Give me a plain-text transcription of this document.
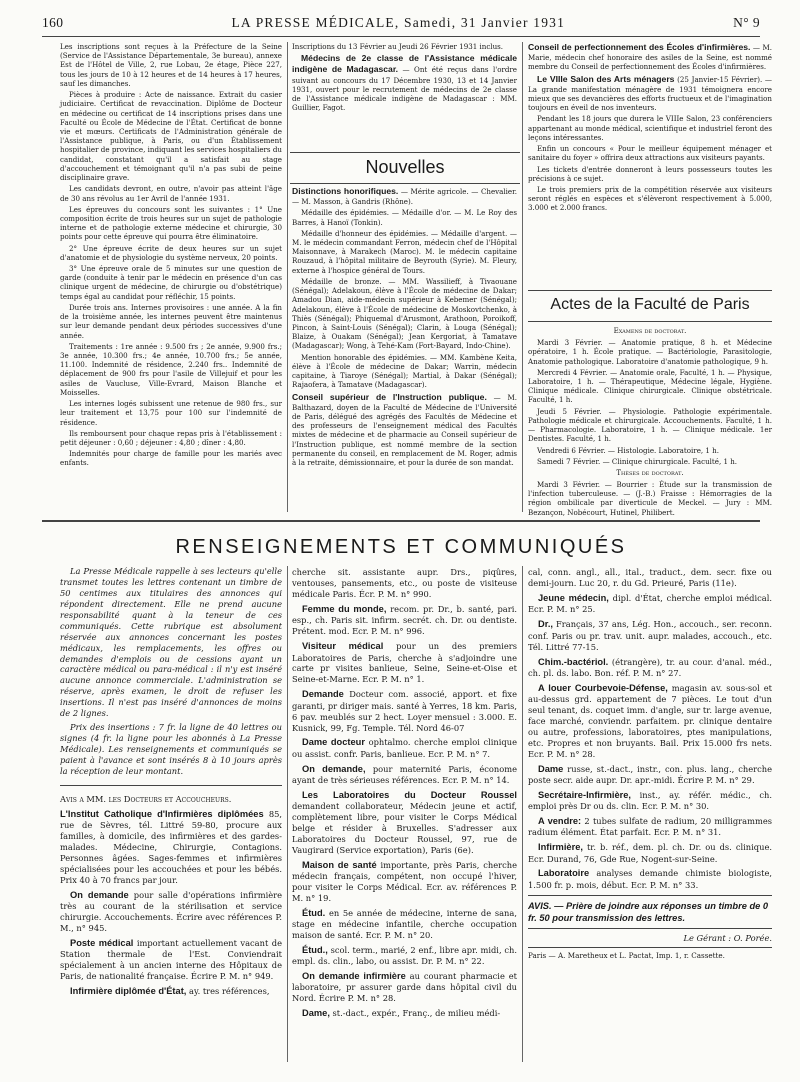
160	LA PRESSE MÉDICALE, Samedi, 31 Janvier 1931	N° 9

Les inscriptions sont reçues à la Préfecture de la Seine (Service de l'Assistance Départementale, 3e bureau), annexe Est de l'Hôtel de Ville, 2, rue Lobau, 2e étage, Pièce 227, tous les jours de 10 à 12 heures et de 14 heures à 17 heures, sauf les dimanches.

Pièces à produire : Acte de naissance. Extrait du casier judiciaire. Certificat de revaccination. Diplôme de Docteur en médecine ou certificat de 14 inscriptions prises dans une Faculté ou École de Médecine de l'État. Certificat de bonne vie et mœurs. Certificats de l'Administration générale de l'Assistance publique, à Paris, ou d'un Établissement hospitalier de province, indiquant les services hospitaliers du candidat, constatant qu'il a satisfait au stage d'accouchement et témoignant qu'il n'a pas subi de peine disciplinaire grave.

Les candidats devront, en outre, n'avoir pas atteint l'âge de 30 ans révolus au 1er Avril de l'année 1931.

Les épreuves du concours sont les suivantes : 1° Une composition écrite de trois heures sur un sujet de pathologie interne et de pathologie externe médecine et chirurgie, 30 points pour cette épreuve qui pourra être éliminatoire.

2° Une épreuve écrite de deux heures sur un sujet d'anatomie et de physiologie du système nerveux, 20 points.

3° Une épreuve orale de 5 minutes sur une question de garde (conduite à tenir par le médecin en présence d'un cas clinique urgent de médecine, de chirurgie ou d'obstétrique) temps égal au candidat pour réfléchir, 15 points.

Durée trois ans. Internes provisoires : une année. A la fin de la troisième année, les internes peuvent être maintenus sur leur demande pendant deux périodes successives d'une année.

Traitements : 1re année : 9.500 frs ; 2e année, 9.900 frs.; 3e année, 10.300 frs.; 4e année, 10.700 frs.; 5e année, 11.100. Indemnité de résidence, 2.240 frs.. Indemnité de déplacement de 900 frs pour l'asile de Villejuif et pour les asiles de Vaucluse, Ville-Evrard, Maison Blanche et Moisselles.

Les internes logés subissent une retenue de 980 frs., sur leur traitement et 13,75 pour 100 sur l'indemnité de résidence.

Ils remboursent pour chaque repas pris à l'établissement : petit déjeuner : 0,60 ; déjeuner : 4,80 ; dîner : 4,80.

Indemnités pour charge de famille pour les mariés avec enfants.

Inscriptions du 13 Février au Jeudi 26 Février 1931 inclus.

Médecins de 2e classe de l'Assistance médicale indigène de Madagascar. — Ont été reçus dans l'ordre suivant au concours du 17 Décembre 1930, 13 et 14 Janvier 1931, ouvert pour le recrutement de médecins de 2e classe de l'Assistance médicale indigène de Madagascar : MM. Guillier, Fagot.

Nouvelles

Distinctions honorifiques. — Mérite agricole. — Chevalier. — M. Masson, à Gandris (Rhône).

Médaille des épidémies. — Médaille d'or. — M. Le Roy des Barres, à Hanoï (Tonkin).

Médaille d'honneur des épidémies. — Médaille d'argent. — M. le médecin commandant Ferron, médecin chef de l'Hôpital Maisonnave, à Marakech (Maroc). M. le médecin capitaine Rouzaud, à l'hôpital militaire de Beyrouth (Syrie). M. Fleury, externe à l'hospice général de Tours.

Médaille de bronze. — MM. Wassilieff, à Tivaouane (Sénégal); Adelakoun, élève à l'École de médecine de Dakar; Amadou Dian, aide-médecin supérieur à Kebemer (Sénégal); Adelakoun, élève à l'École de médecine de Moskovtchenko, à Thiès (Sénégal); Phiquemal d'Arusmont, Arathoon, Poroikoff, Pincon, à Saint-Louis (Sénégal); Clarin, à Louga (Sénégal); Blaize, à Ouakam (Sénégal); Jean Kergoriat, à Tamatave (Madagascar); Wong, à Tehé-Kam (Fort-Bayard, Indo-Chine).

Mention honorable des épidémies. — MM. Kambène Keita, élève à l'École de médecine de Dakar; Warrin, médecin capitaine, à Tiaroye (Sénégal); Martial, à Dakar (Sénégal); Rajaofera, à Tamatave (Madagascar).

Conseil supérieur de l'Instruction publique. — M. Balthazard, doyen de la Faculté de Médecine de l'Université de Paris, délégué des agrégés des Facultés de Médecine et des professeurs de l'enseignement médical des Facultés mixtes de médecine et de pharmacie au Conseil supérieur de l'Instruction publique, est nommé membre de la section permanente du conseil, en remplacement de M. Roger, admis à la retraite, démissionnaire, et pour la durée de son mandat.

Conseil de perfectionnement des Écoles d'infirmières. — M. Marie, médecin chef honoraire des asiles de la Seine, est nommé membre du Conseil de perfectionnement des Écoles d'infirmières.

Le VIIIe Salon des Arts ménagers (25 Janvier-15 Février). — La grande manifestation ménagère de 1931 témoignera encore mieux que ses devancières des efforts fructueux et de l'imagination toujours en éveil de nos inventeurs.

Pendant les 18 jours que durera le VIIIe Salon, 23 conférenciers appartenant au monde médical, scientifique et industriel feront des leçons intéressantes.

Enfin un concours « Pour le meilleur équipement ménager et sanitaire du foyer » offrira deux attractions aux visiteurs payants.

Les tickets d'entrée donneront à leurs possesseurs toutes les précisions à ce sujet.

Le trois premiers prix de la compétition réservée aux visiteurs seront réglés en espèces et s'élèveront respectivement à 5.000, 3.000 et 2.000 francs.

Actes de la Faculté de Paris

Examens de doctorat.

Mardi 3 Février. — Anatomie pratique, 8 h. et Médecine opératoire, 1 h. École pratique. — Bactériologie, Parasitologie, Anatomie pathologique. Laboratoire d'anatomie pathologique, 9 h.

Mercredi 4 Février. — Anatomie orale, Faculté, 1 h. — Physique, Laboratoire, 1 h. — Thérapeutique, Médecine légale, Hygiène. Clinique médicale. Clinique chirurgicale. Clinique obstétricale. Faculté, 1 h.

Jeudi 5 Février. — Physiologie. Pathologie expérimentale. Pathologie médicale et chirurgicale. Accouchements. Faculté, 1 h. — Pharmacologie. Laboratoire, 1 h. — Clinique médicale. 1er Dentistes. Faculté, 1 h.

Vendredi 6 Février. — Histologie. Laboratoire, 1 h.

Samedi 7 Février. — Clinique chirurgicale. Faculté, 1 h.

Thèses de doctorat.

Mardi 3 Février. — Bourrier : Étude sur la transmission de l'infection tuberculeuse. — (J.-B.) Fraisse : Hémorragies de la région ombilicale par diverticule de Meckel. — Jury : MM. Bezançon, Nobécourt, Hutinel, Philibert.

RENSEIGNEMENTS ET COMMUNIQUÉS

La Presse Médicale rappelle à ses lecteurs qu'elle transmet toutes les lettres contenant un timbre de 50 centimes aux titulaires des annonces qui répondent directement. Elle ne prend aucune responsabilité quant à la teneur de ces communiqués. Cette rubrique est absolument réservée aux annonces concernant les postes médicaux, les remplacements, les offres ou demandes d'emplois ou de cessions ayant un caractère médical ou para-médical : il n'y est inséré aucune annonce commerciale. L'administration se réserve, après examen, le droit de refuser les insertions. Il n'est pas inséré d'annonces de moins de 2 lignes.

Prix des insertions : 7 fr. la ligne de 40 lettres ou signes (4 fr. la ligne pour les abonnés à La Presse Médicale). Les renseignements et communiqués se paient à l'avance et sont insérés 8 à 10 jours après la réception de leur montant.

Avis a MM. les Docteurs et Accoucheurs.

L'Institut Catholique d'Infirmières diplômées 85, rue de Sèvres, tél. Littré 59-80, procure aux familles, à domicile, des infirmières et des gardes-malades. Médecine, Chirurgie, Contagions. Personnes âgées. Sages-femmes et infirmières spécialisées pour les accouchées et pour les bébés. Prix 40 à 70 francs par jour.

On demande pour salle d'opérations infirmière très au courant de la stérilisation et service chirurgie. Accouchements. Écrire avec références P. M., n° 945.

Poste médical important actuellement vacant de Station thermale de l'Est. Conviendrait spécialement à un ancien interne des Hôpitaux de Paris, de nationalité française. Écrire P. M. n° 949.

Infirmière diplômée d'État, ay. tres références,

cherche sit. assistante aupr. Drs., piqûres, ventouses, pansements, etc., ou poste de visiteuse médicale Paris. Écr. P. M. n° 990.

Femme du monde, recom. pr. Dr., b. santé, pari. esp., ch. Paris sit. infirm. secrét. ch. Dr. ou dentiste. Prétent. mod. Ecr. P. M. n° 996.

Visiteur médical pour un des premiers Laboratoires de Paris, cherche à s'adjoindre une carte pr visites banlieue, Seine, Seine-et-Oise et Seine-et-Marne. Ecr. P. M. n° 1.

Demande Docteur com. associé, apport. et fixe garanti, pr diriger mais. santé à Yerres, 18 km. Paris, 6 pav. meublés sur 2 hect. Loyer mensuel : 3.000. E. Kusnick, 99, Fg. Temple. Tél. Nord 46-07

Dame docteur ophtalmo. cherche emploi clinique ou assist. confr. Paris, banlieue. Ecr. P. M. n° 7.

On demande, pour maternité Paris, économe ayant de très sérieuses références. Ecr. P. M. n° 14.

Les Laboratoires du Docteur Roussel demandent collaborateur, Médecin jeune et actif, complètement libre, pour visiter le Corps Médical belge et résider à Bruxelles. S'adresser aux Laboratoires du Docteur Roussel, 97, rue de Vaugirard (Service exportation), Paris (6e).

Maison de santé importante, près Paris, cherche médecin français, compétent, non occupé l'hiver, pour visiter le Corps Médical. Ecr. av. références P. M. n° 19.

Étud. en 5e année de médecine, interne de sana, stage en médecine infantile, cherche occupation maison de santé. Ecr. P. M. n° 20.

Étud., scol. term., marié, 2 enf., libre apr. midi, ch. empl. ds. clin., labo, ou assist. Dr. P. M. n° 22.

On demande infirmière au courant pharmacie et laboratoire, pr assurer garde dans hôpital civil du Nord. Écrire P. M. n° 28.

Dame, st.-dact., expér., Franç., de milieu médi-

cal, conn. angl., all., ital., traduct., dem. secr. fixe ou demi-journ. Luc 20, r. du Gd. Prieuré, Paris (11e).

Jeune médecin, dipl. d'État, cherche emploi médical. Ecr. P. M. n° 25.

Dr., Français, 37 ans, Lég. Hon., accouch., ser. reconn. conf. Paris ou pr. trav. unit. aupr. malades, accouch., etc. Tél. Littré 77-15.

Chim.-bactériol. (étrangère), tr. au cour. d'anal. méd., ch. pl. ds. labo. Bon. réf. P. M. n° 27.

A louer Courbevoie-Défense, magasin av. sous-sol et au-dessus grd. appartement de 7 pièces. Le tout d'un seul tenant, ds. coquet imm. d'angle, sur tr. large avenue, face marché, conviendr. parfaitem. pr. clinique dentaire ou autre, professions, laboratoires, ptes manipulations, etc. Propres et non bruyants. Bail. Prix 15.000 frs nets. Ecr. P. M. n° 28.

Dame russe, st.-dact., instr., con. plus. lang., cherche poste secr. aide aupr. Dr. apr.-midi. Écrire P. M. n° 29.

Secrétaire-Infirmière, inst., ay. référ. médic., ch. emploi près Dr ou ds. clin. Ecr. P. M. n° 30.

A vendre: 2 tubes sulfate de radium, 20 milligrammes radium élément. État parfait. Ecr. P. M. n° 31.

Infirmière, tr. b. réf., dem. pl. ch. Dr. ou ds. clinique. Ecr. Durand, 76, Gde Rue, Nogent-sur-Seine.

Laboratoire analyses demande chimiste biologiste, 1.500 fr. p. mois, début. Ecr. P. M. n° 33.

AVIS. — Prière de joindre aux réponses un timbre de 0 fr. 50 pour transmission des lettres.

Le Gérant : O. Porée.

Paris — A. Maretheux et L. Pactat, Imp. 1, r. Cassette.
